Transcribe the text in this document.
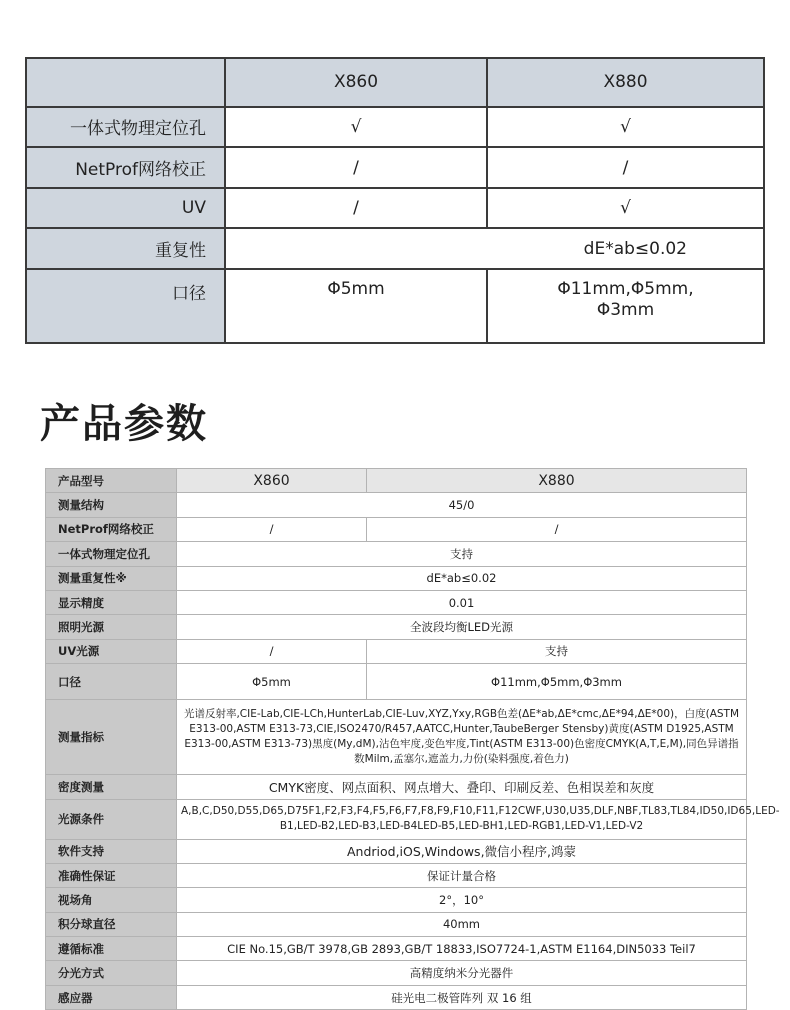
	X860	X880
一体式物理定位孔	√	√
NetProf网络校正	/	/
UV	/	√
重复性	dE*ab≤0.02	
口径	Φ5mm	Φ11mm,Φ5mm,
Φ3mm
产品参数
产品型号	X860	X880
测量结构	45/0	
NetProf网络校正	/	/
一体式物理定位孔	支持	
测量重复性※	dE*ab≤0.02	
显示精度	0.01	
照明光源	全波段均衡LED光源	
UV光源	/	支持
口径	Φ5mm	Φ11mm,Φ5mm,Φ3mm
测量指标	光谱反射率,CIE-Lab,CIE-LCh,HunterLab,CIE-Luv,XYZ,Yxy,RGB色差(ΔE*ab,ΔE*cmc,ΔE*94,ΔE*00)，白度(ASTM E313-00,ASTM E313-73,CIE,ISO2470/R457,AATCC,Hunter,TaubeBerger Stensby)黄度(ASTM D1925,ASTM E313-00,ASTM E313-73)黑度(My,dM),沾色牢度,变色牢度,Tint(ASTM E313-00)色密度CMYK(A,T,E,M),同色异谱指数Milm,孟塞尔,遮盖力,力份(染料强度,着色力)	
密度测量	CMYK密度、网点面积、网点增大、叠印、印刷反差、色相误差和灰度	
光源条件	A,B,C,D50,D55,D65,D75F1,F2,F3,F4,F5,F6,F7,F8,F9,F10,F11,F12CWF,U30,U35,DLF,NBF,TL83,TL84,ID50,ID65,LED-B1,LED-B2,LED-B3,LED-B4LED-B5,LED-BH1,LED-RGB1,LED-V1,LED-V2	
软件支持	Andriod,iOS,Windows,微信小程序,鸿蒙	
准确性保证	保证计量合格	
视场角	2°，10°	
积分球直径	40mm	
遵循标准	CIE No.15,GB/T 3978,GB 2893,GB/T 18833,ISO7724-1,ASTM E1164,DIN5033 Teil7	
分光方式	高精度纳米分光器件	
感应器	硅光电二极管阵列 双 16 组	
